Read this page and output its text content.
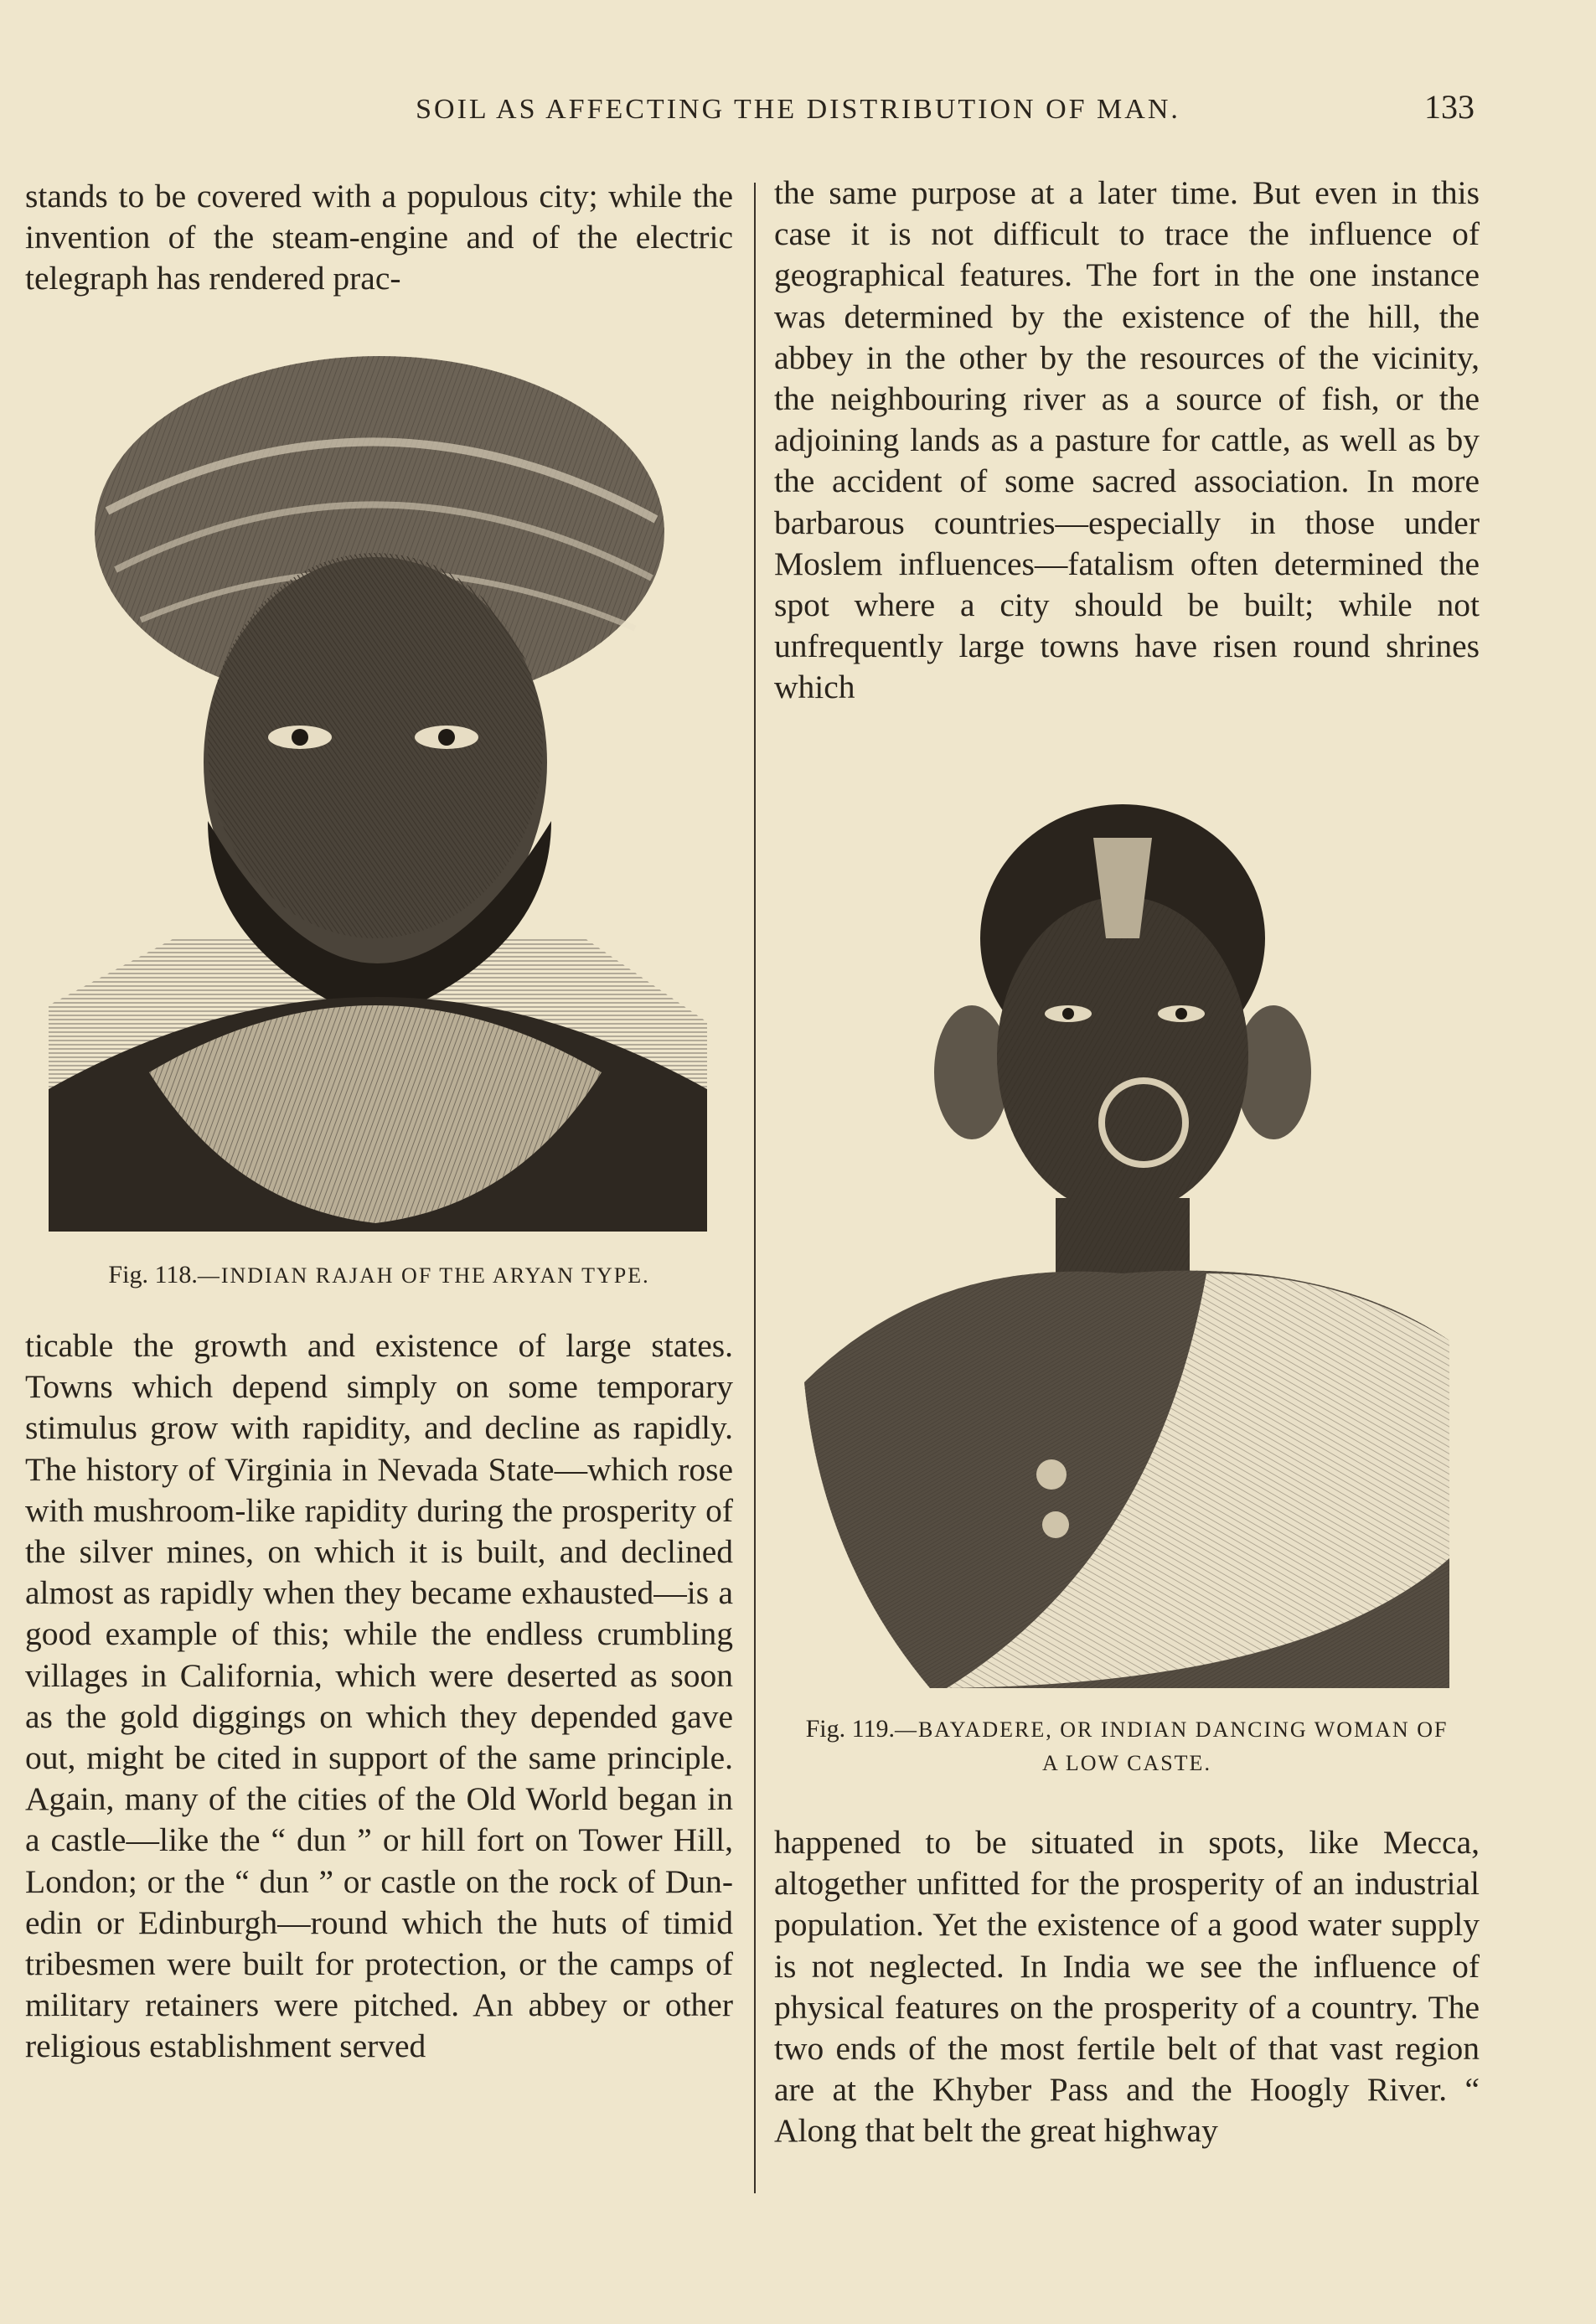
SOIL AS AFFECTING THE DISTRIBUTION OF MAN.	133

stands to be covered with a populous city; while the invention of the steam-engine and of the electric telegraph has rendered prac-

Fig. 118.—INDIAN RAJAH OF THE ARYAN TYPE.

ticable the growth and existence of large states. Towns which depend simply on some temporary stimulus grow with rapidity, and decline as rapidly. The history of Virginia in Nevada State—which rose with mushroom-like rapidity during the prosperity of the silver mines, on which it is built, and declined almost as rapidly when they became exhausted—is a good example of this; while the endless crumbling villages in California, which were deserted as soon as the gold diggings on which they depended gave out, might be cited in support of the same principle. Again, many of the cities of the Old World began in a castle—like the “ dun ” or hill fort on Tower Hill, London; or the “ dun ” or castle on the rock of Dun-edin or Edinburgh—round which the huts of timid tribesmen were built for protection, or the camps of military retainers were pitched. An abbey or other religious establishment served

the same purpose at a later time. But even in this case it is not difficult to trace the influence of geographical features. The fort in the one instance was determined by the existence of the hill, the abbey in the other by the resources of the vicinity, the neighbouring river as a source of fish, or the adjoining lands as a pasture for cattle, as well as by the accident of some sacred association. In more barbarous countries—especially in those under Moslem influences—fatalism often determined the spot where a city should be built; while not unfrequently large towns have risen round shrines which

Fig. 119.—BAYADERE, OR INDIAN DANCING WOMAN OF
A LOW CASTE.

happened to be situated in spots, like Mecca, altogether unfitted for the prosperity of an industrial population. Yet the existence of a good water supply is not neglected. In India we see the influence of physical features on the prosperity of a country. The two ends of the most fertile belt of that vast region are at the Khyber Pass and the Hoogly River. “ Along that belt the great highway
